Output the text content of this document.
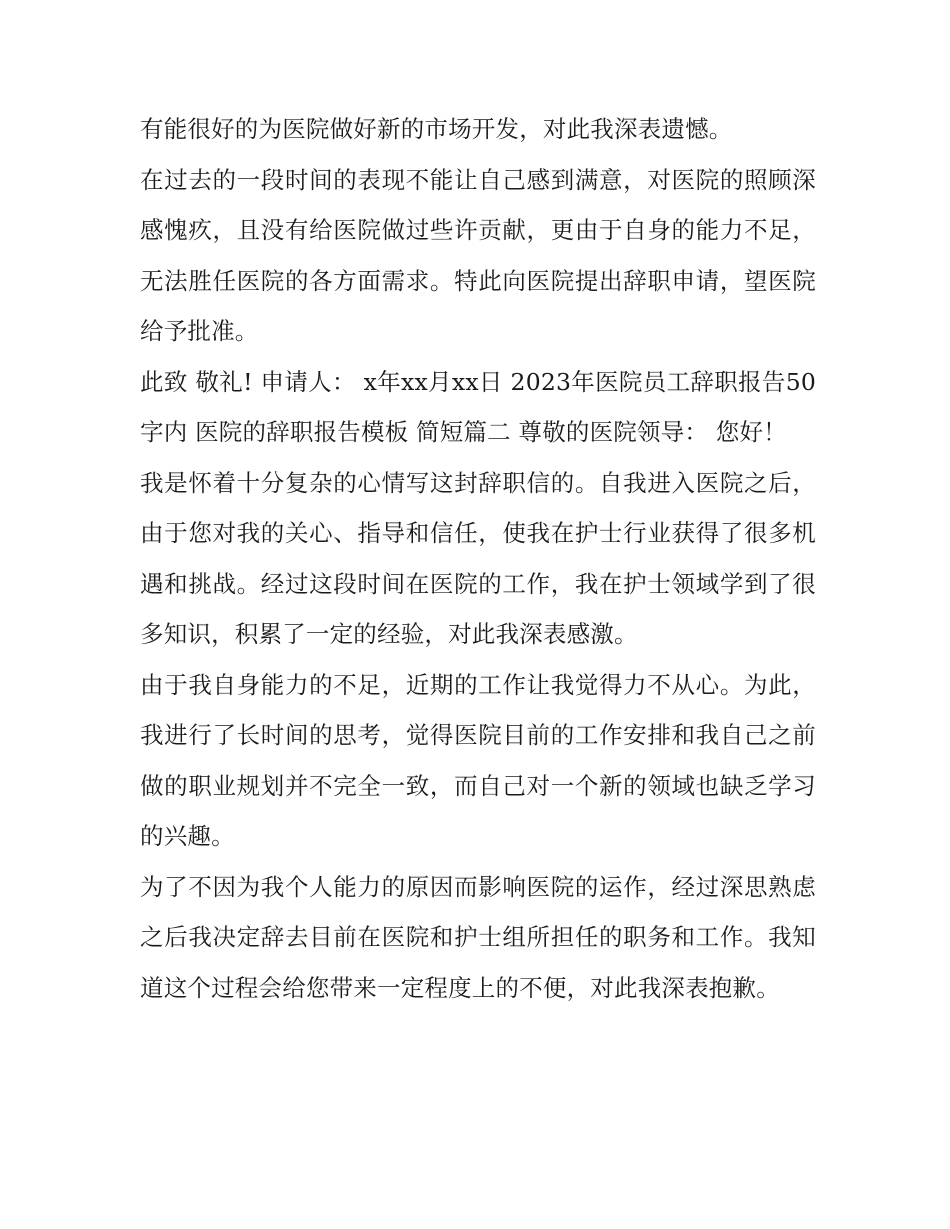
有能很好的为医院做好新的市场开发，对此我深表遗憾。

在过去的一段时间的表现不能让自己感到满意，对医院的照顾深感愧疚，且没有给医院做过些许贡献，更由于自身的能力不足，无法胜任医院的各方面需求。特此向医院提出辞职申请，望医院给予批准。

此致 敬礼! 申请人： x年xx月xx日 2023年医院员工辞职报告50字内 医院的辞职报告模板 简短篇二 尊敬的医院领导： 您好！

我是怀着十分复杂的心情写这封辞职信的。自我进入医院之后，由于您对我的关心、指导和信任，使我在护士行业获得了很多机遇和挑战。经过这段时间在医院的工作，我在护士领域学到了很多知识，积累了一定的经验，对此我深表感激。

由于我自身能力的不足，近期的工作让我觉得力不从心。为此，我进行了长时间的思考，觉得医院目前的工作安排和我自己之前做的职业规划并不完全一致，而自己对一个新的领域也缺乏学习的兴趣。

为了不因为我个人能力的原因而影响医院的运作，经过深思熟虑之后我决定辞去目前在医院和护士组所担任的职务和工作。我知道这个过程会给您带来一定程度上的不便，对此我深表抱歉。
